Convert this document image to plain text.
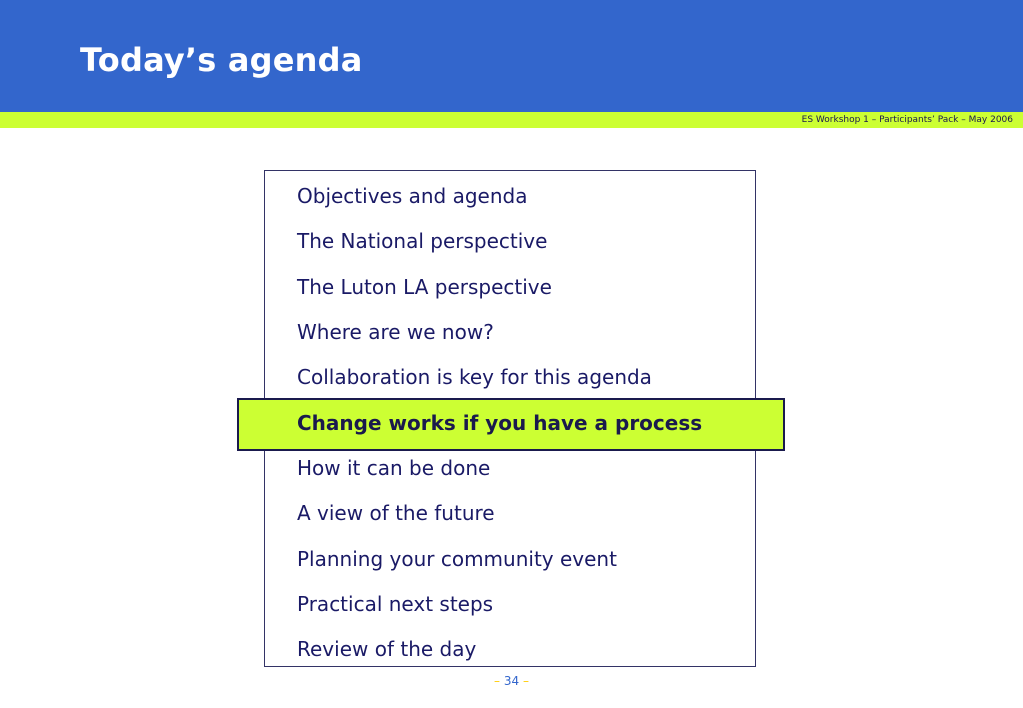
Today’s agenda
ES Workshop 1 – Participants’ Pack – May 2006
Objectives and agenda
The National perspective
The Luton LA perspective
Where are we now?
Collaboration is key for this agenda
Change works if you have a process
How it can be done
A view of the future
Planning your community event
Practical next steps
Review of the day
– 34 –
